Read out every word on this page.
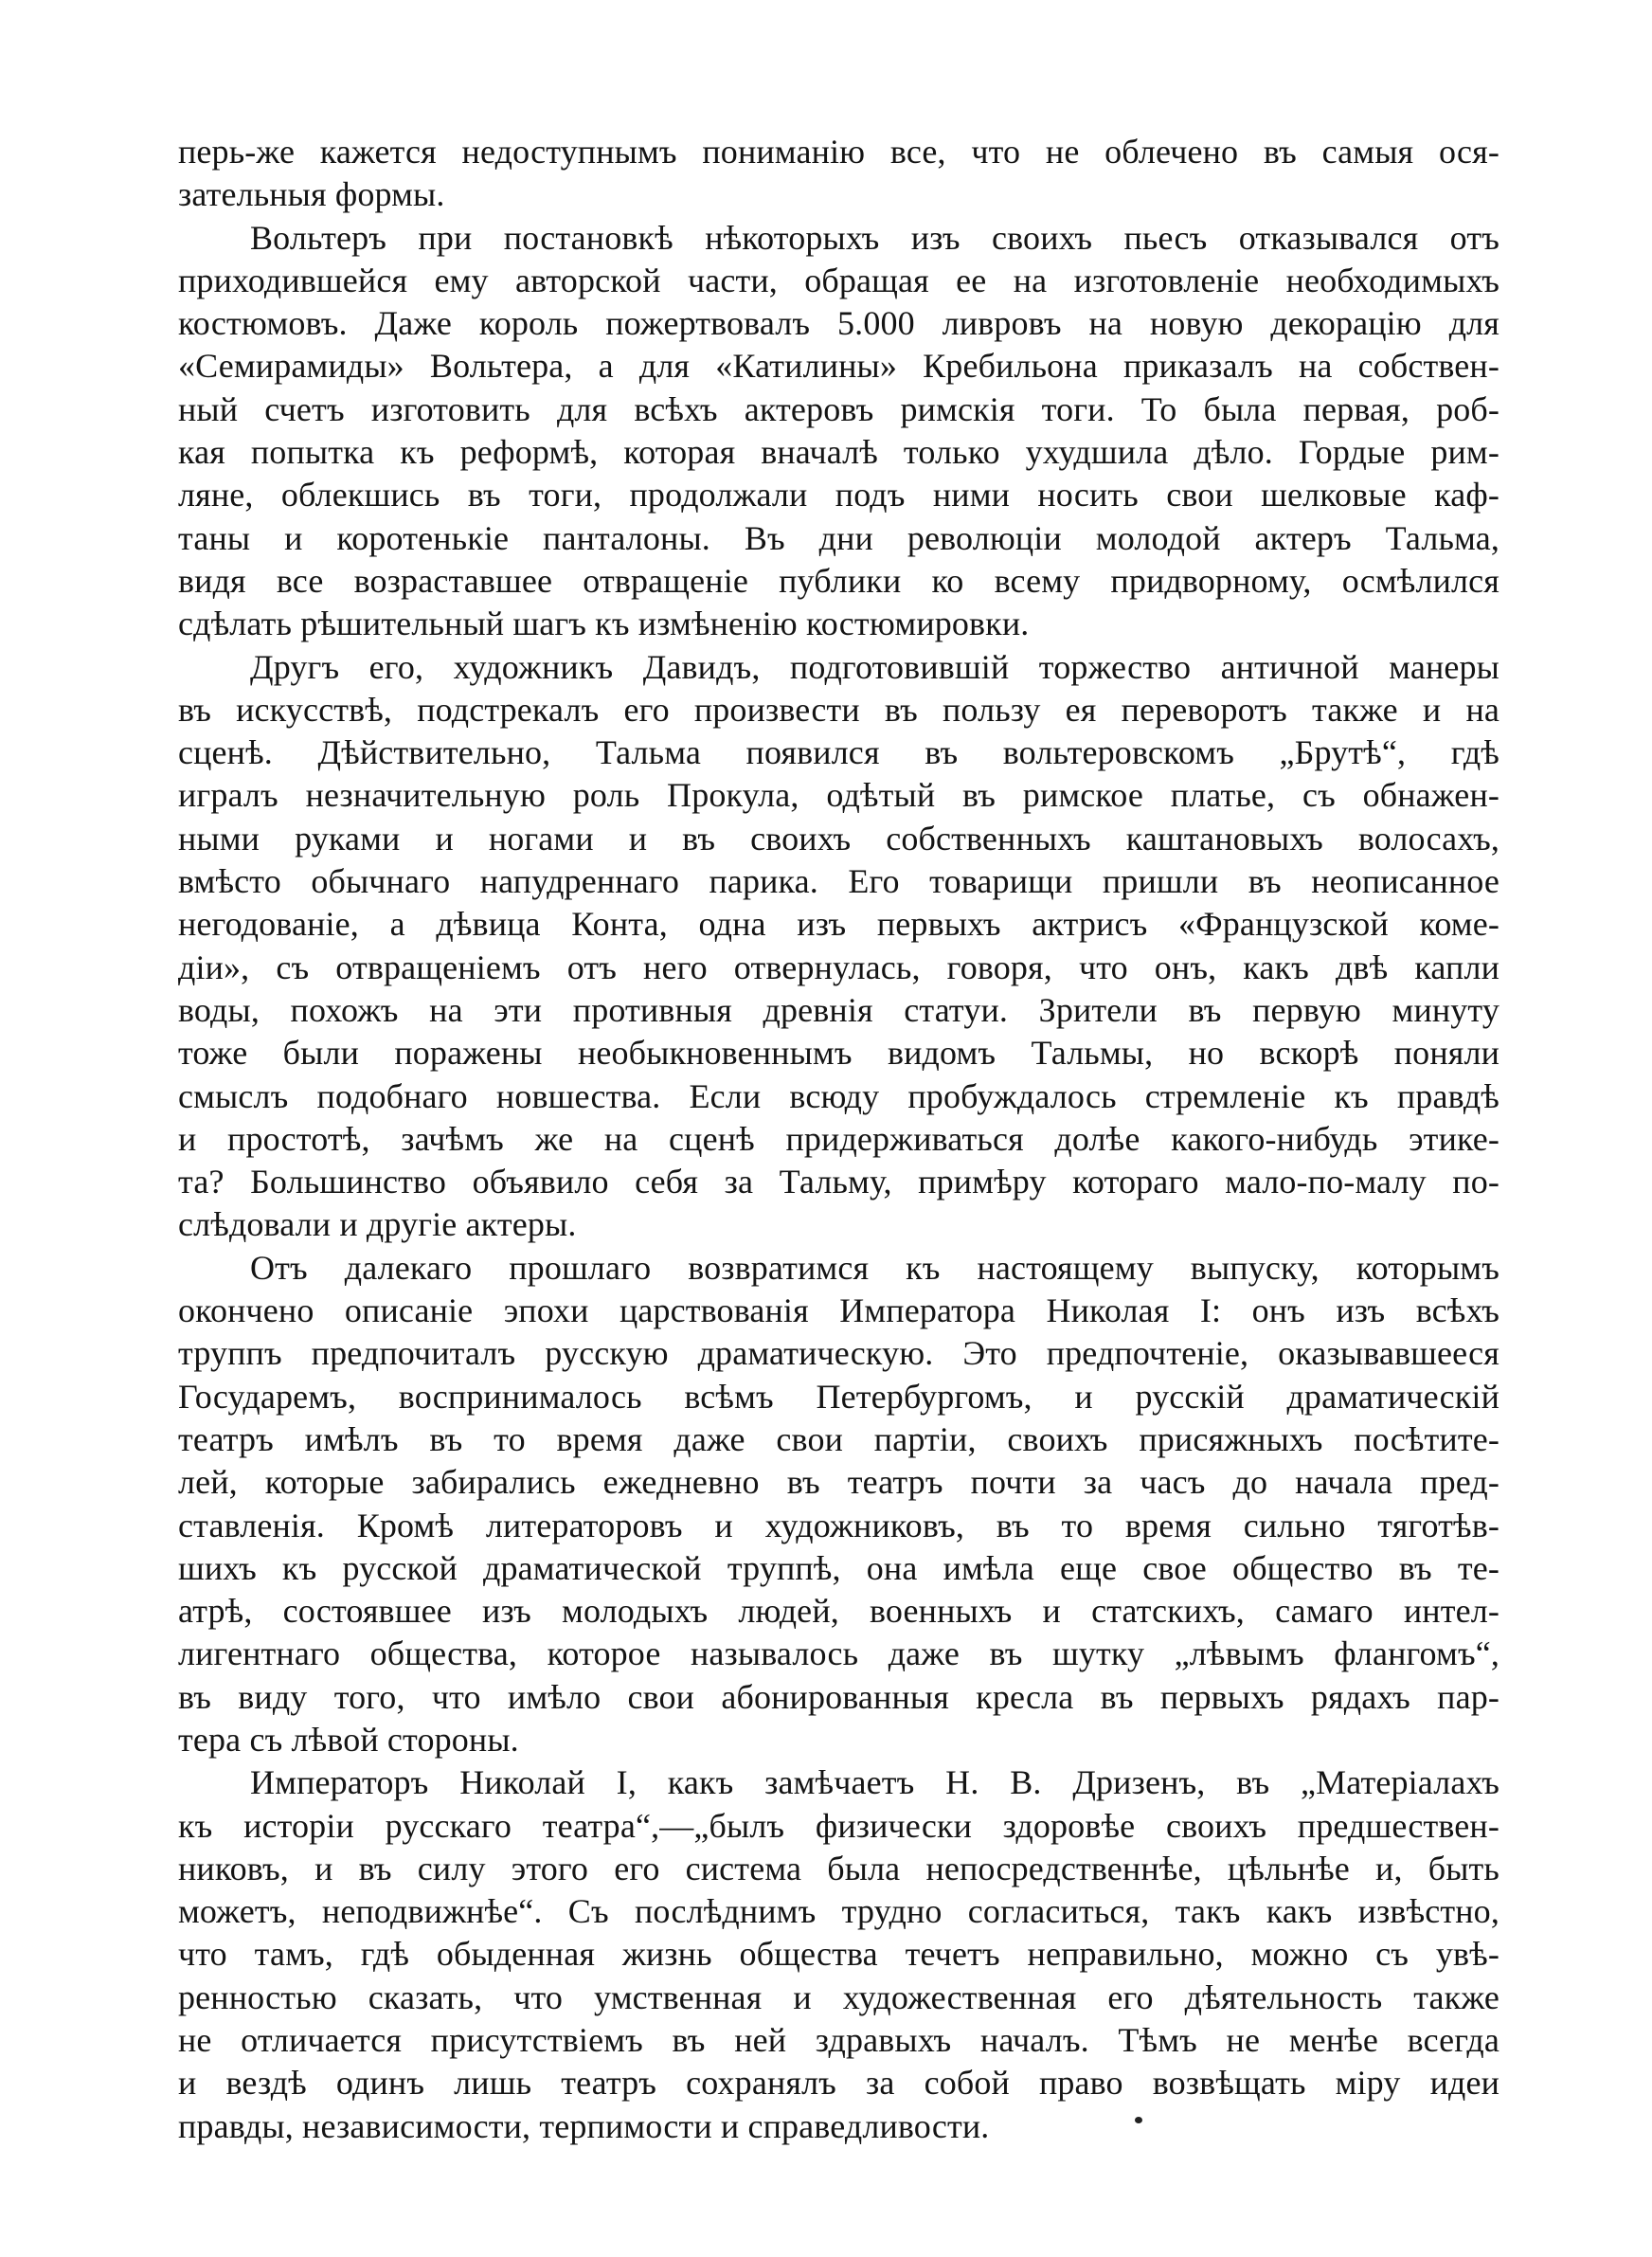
перь-же кажется недоступнымъ пониманію все, что не облечено въ самыя ося-
зательныя формы.
Вольтеръ при постановкѣ нѣкоторыхъ изъ своихъ пьесъ отказывался отъ
приходившейся ему авторской части, обращая ее на изготовленіе необходимыхъ
костюмовъ. Даже король пожертвовалъ 5.000 ливровъ на новую декорацію для
«Семирамиды» Вольтера, а для «Катилины» Кребильона приказалъ на собствен-
ный счетъ изготовить для всѣхъ актеровъ римскія тоги. То была первая, роб-
кая попытка къ реформѣ, которая вначалѣ только ухудшила дѣло. Гордые рим-
ляне, облекшись въ тоги, продолжали подъ ними носить свои шелковые каф-
таны и коротенькіе панталоны. Въ дни революціи молодой актеръ Тальма,
видя все возраставшее отвращеніе публики ко всему придворному, осмѣлился
сдѣлать рѣшительный шагъ къ измѣненію костюмировки.
Другъ его, художникъ Давидъ, подготовившій торжество античной манеры
въ искусствѣ, подстрекалъ его произвести въ пользу ея переворотъ также и на
сценѣ. Дѣйствительно, Тальма появился въ вольтеровскомъ „Брутѣ“, гдѣ
игралъ незначительную роль Прокула, одѣтый въ римское платье, съ обнажен-
ными руками и ногами и въ своихъ собственныхъ каштановыхъ волосахъ,
вмѣсто обычнаго напудреннаго парика. Его товарищи пришли въ неописанное
негодованіе, а дѣвица Конта, одна изъ первыхъ актрисъ «Французской коме-
діи», съ отвращеніемъ отъ него отвернулась, говоря, что онъ, какъ двѣ капли
воды, похожъ на эти противныя древнія статуи. Зрители въ первую минуту
тоже были поражены необыкновеннымъ видомъ Тальмы, но вскорѣ поняли
смыслъ подобнаго новшества. Если всюду пробуждалось стремленіе къ правдѣ
и простотѣ, зачѣмъ же на сценѣ придерживаться долѣе какого-нибудь этике-
та? Большинство объявило себя за Тальму, примѣру котораго мало-по-малу по-
слѣдовали и другіе актеры.
Отъ далекаго прошлаго возвратимся къ настоящему выпуску, которымъ
окончено описаніе эпохи царствованія Императора Николая I: онъ изъ всѣхъ
труппъ предпочиталъ русскую драматическую. Это предпочтеніе, оказывавшееся
Государемъ, воспринималось всѣмъ Петербургомъ, и русскій драматическій
театръ имѣлъ въ то время даже свои партіи, своихъ присяжныхъ посѣтите-
лей, которые забирались ежедневно въ театръ почти за часъ до начала пред-
ставленія. Кромѣ литераторовъ и художниковъ, въ то время сильно тяготѣв-
шихъ къ русской драматической труппѣ, она имѣла еще свое общество въ те-
атрѣ, состоявшее изъ молодыхъ людей, военныхъ и статскихъ, самаго интел-
лигентнаго общества, которое называлось даже въ шутку „лѣвымъ флангомъ“,
въ виду того, что имѣло свои абонированныя кресла въ первыхъ рядахъ пар-
тера съ лѣвой стороны.
Императоръ Николай I, какъ замѣчаетъ Н. В. Дризенъ, въ „Матеріалахъ
къ исторіи русскаго театра“,—„былъ физически здоровѣе своихъ предшествен-
никовъ, и въ силу этого его система была непосредственнѣе, цѣльнѣе и, быть
можетъ, неподвижнѣе“. Съ послѣднимъ трудно согласиться, такъ какъ извѣстно,
что тамъ, гдѣ обыденная жизнь общества течетъ неправильно, можно съ увѣ-
ренностью сказать, что умственная и художественная его дѣятельность также
не отличается присутствіемъ въ ней здравыхъ началъ. Тѣмъ не менѣе всегда
и вездѣ одинъ лишь театръ сохранялъ за собой право возвѣщать міру идеи
правды, независимости, терпимости и справедливости.
